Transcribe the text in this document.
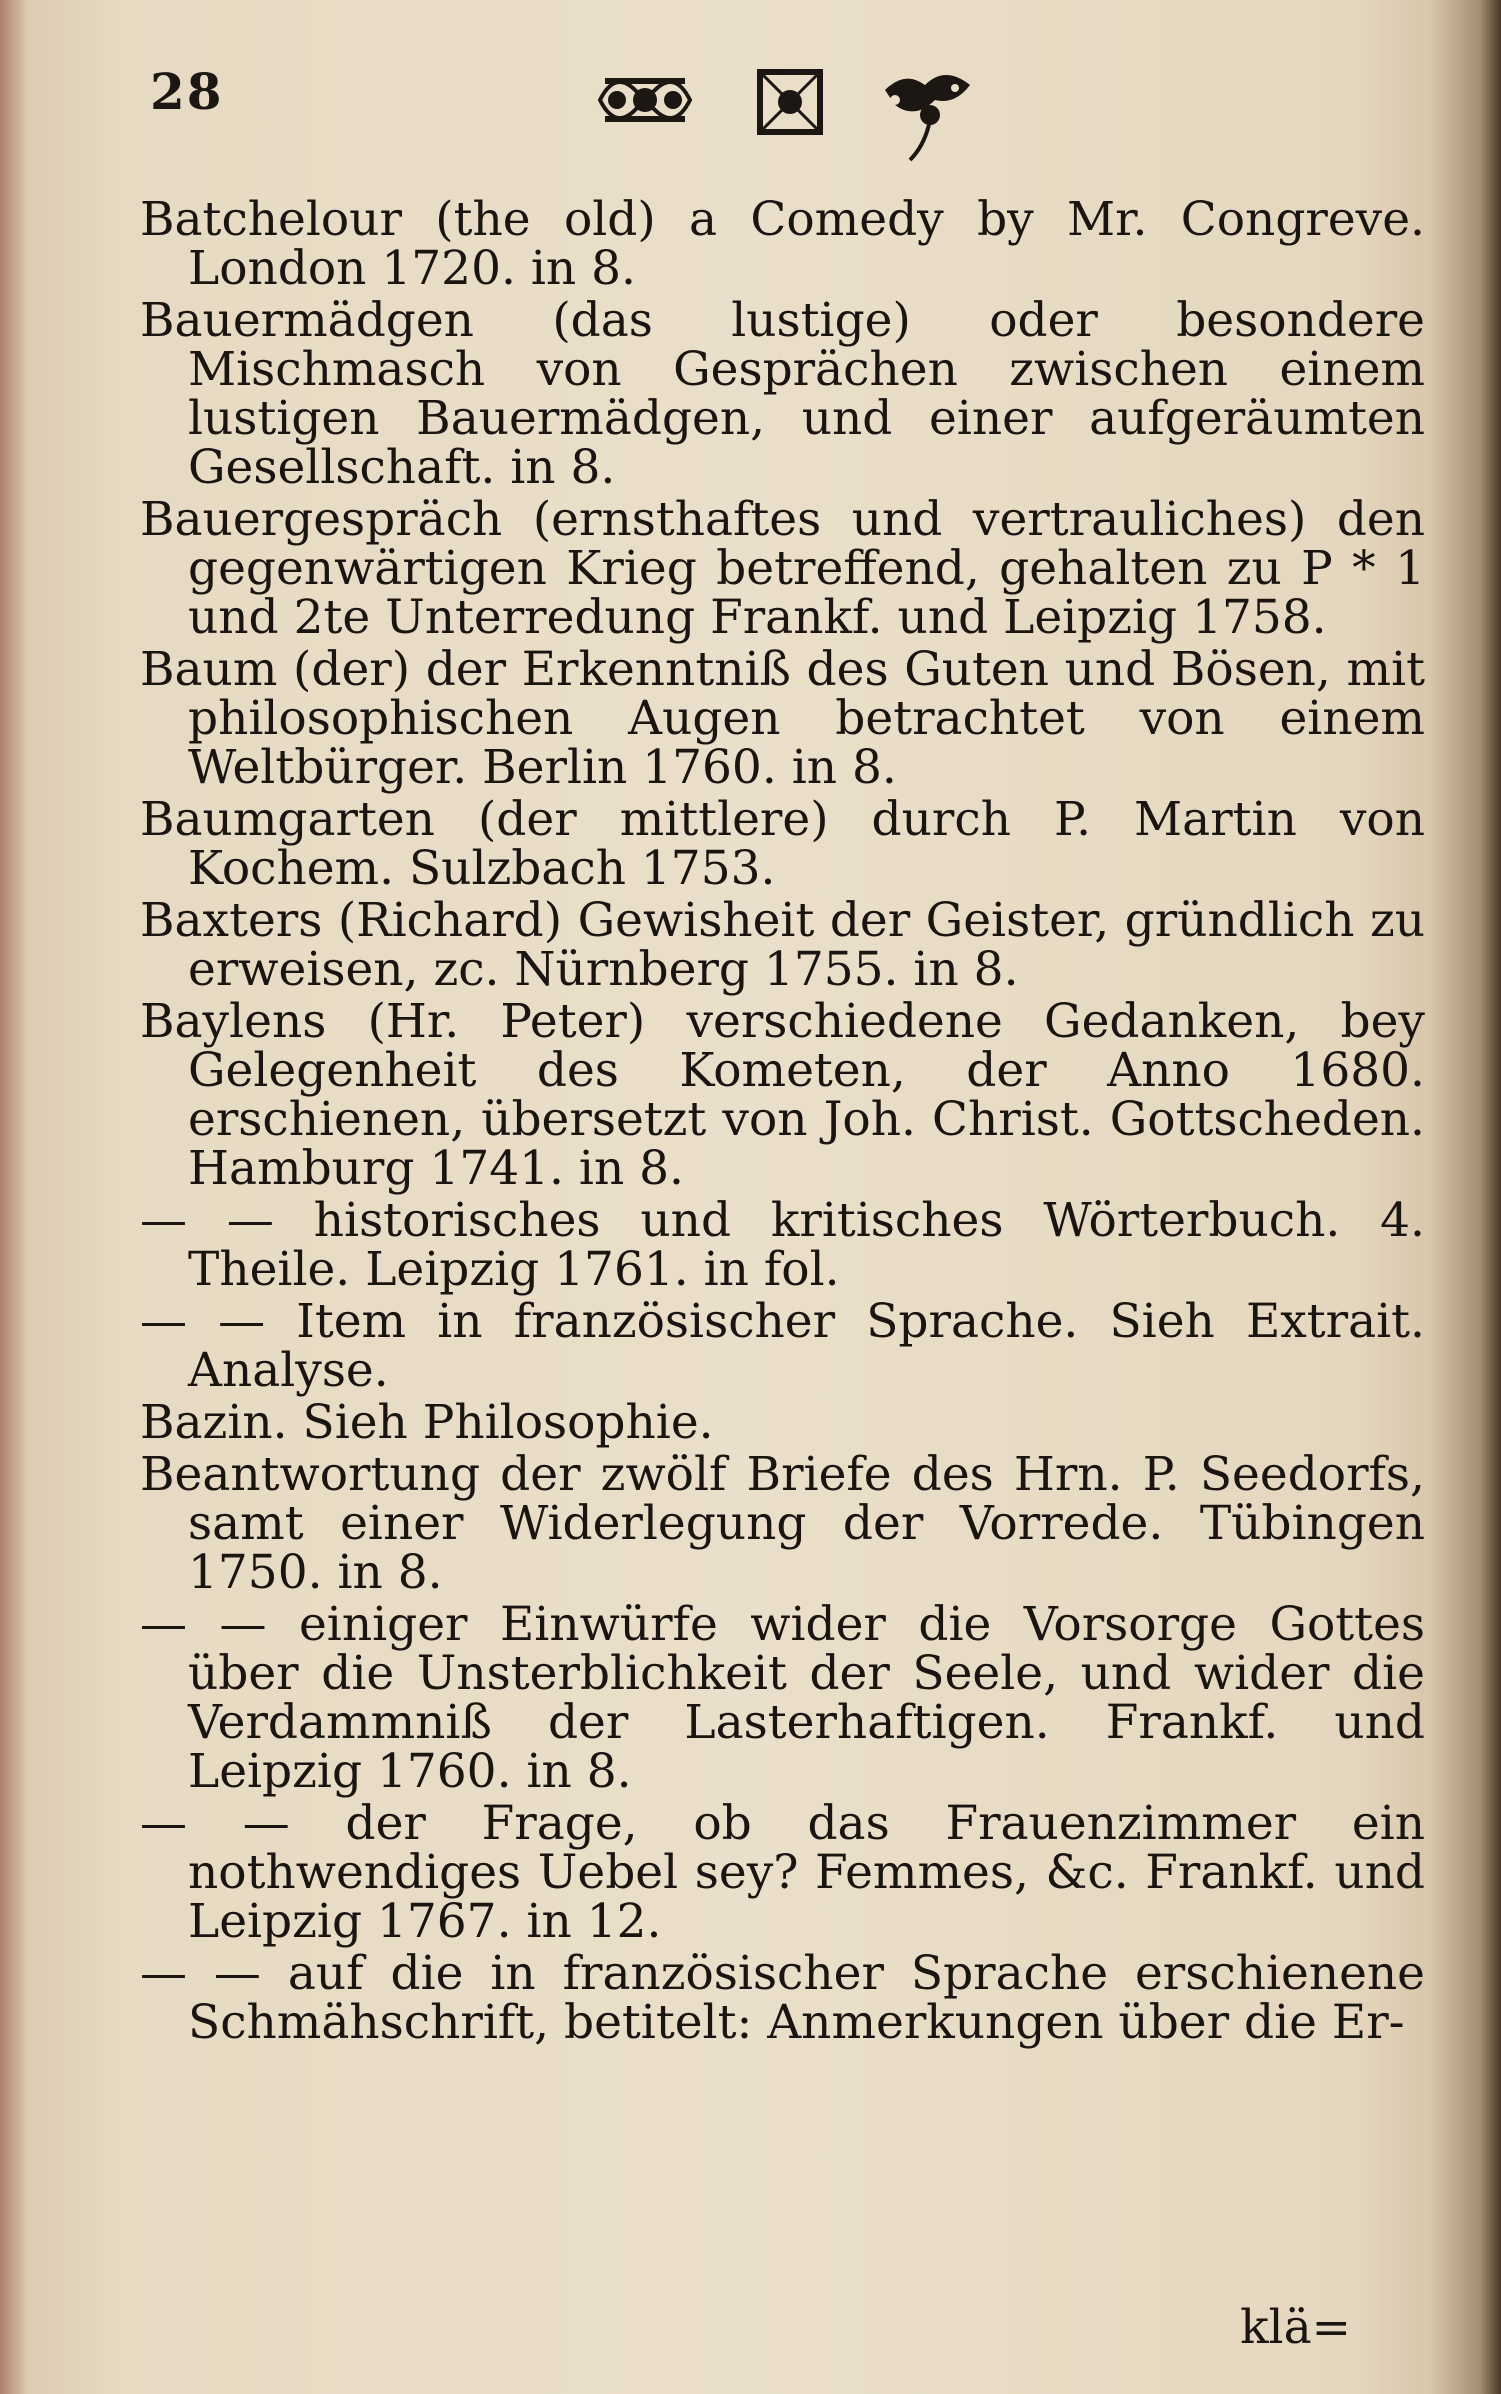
28

Batchelour (the old) a Comedy by Mr. Congreve. London 1720. in 8.

Bauermädgen (das lustige) oder besondere Mischmasch von Gesprächen zwischen einem lustigen Bauermädgen, und einer aufgeräumten Gesellschaft. in 8.

Bauergespräch (ernsthaftes und vertrauliches) den gegenwärtigen Krieg betreffend, gehalten zu P * 1 und 2te Unterredung Frankf. und Leipzig 1758.

Baum (der) der Erkenntniß des Guten und Bösen, mit philosophischen Augen betrachtet von einem Weltbürger. Berlin 1760. in 8.

Baumgarten (der mittlere) durch P. Martin von Kochem. Sulzbach 1753.

Baxters (Richard) Gewisheit der Geister, gründlich zu erweisen, zc. Nürnberg 1755. in 8.

Baylens (Hr. Peter) verschiedene Gedanken, bey Gelegenheit des Kometen, der Anno 1680. erschienen, übersetzt von Joh. Christ. Gottscheden. Hamburg 1741. in 8.

— — historisches und kritisches Wörterbuch. 4. Theile. Leipzig 1761. in fol.

— — Item in französischer Sprache. Sieh Extrait. Analyse.

Bazin. Sieh Philosophie.

Beantwortung der zwölf Briefe des Hrn. P. Seedorfs, samt einer Widerlegung der Vorrede. Tübingen 1750. in 8.

— — einiger Einwürfe wider die Vorsorge Gottes über die Unsterblichkeit der Seele, und wider die Verdammniß der Lasterhaftigen. Frankf. und Leipzig 1760. in 8.

— — der Frage, ob das Frauenzimmer ein nothwendiges Uebel sey? Femmes, &c. Frankf. und Leipzig 1767. in 12.

— — auf die in französischer Sprache erschienene Schmähschrift, betitelt: Anmerkungen über die Er-

klä=
